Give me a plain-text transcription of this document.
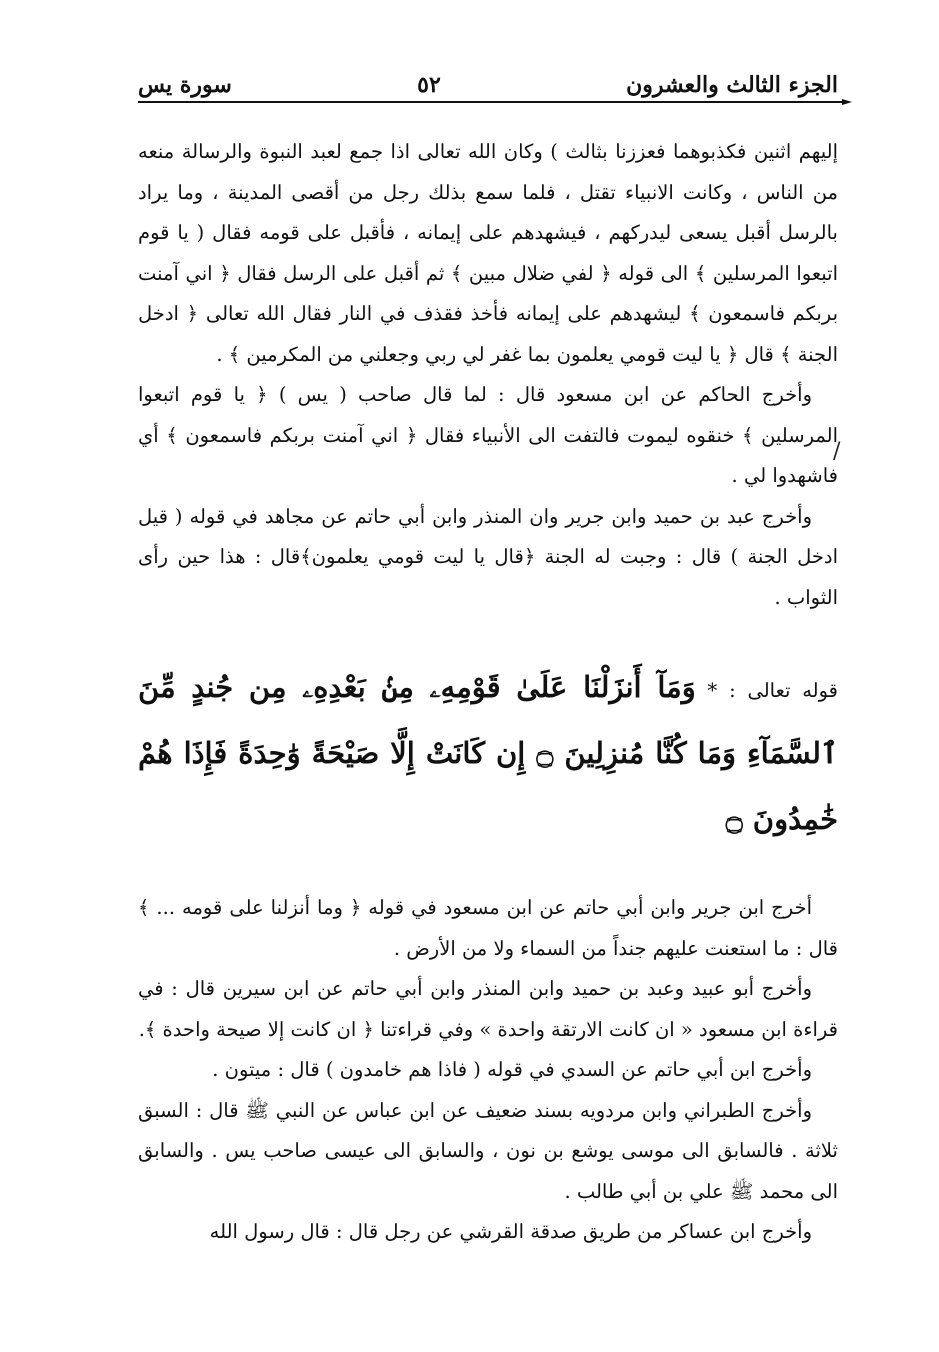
الجزء الثالث والعشرون
٥٢
سورة يس
/

إليهم اثنين فكذبوهما فعززنا بثالث ) وكان الله تعالى اذا جمع لعبد النبوة والرسالة منعه من الناس ، وكانت الانبياء تقتل ، فلما سمع بذلك رجل من أقصى المدينة ، وما يراد بالرسل أقبل يسعى ليدركهم ، فيشهدهم على إيمانه ، فأقبل على قومه فقال ( يا قوم اتبعوا المرسلين ﴾ الى قوله ﴿ لفي ضلال مبين ﴾ ثم أقبل على الرسل فقال ﴿ اني آمنت بربكم فاسمعون ﴾ ليشهدهم على إيمانه فأخذ فقذف في النار فقال الله تعالى ﴿ ادخل الجنة ﴾ قال ﴿ يا ليت قومي يعلمون بما غفر لي ربي وجعلني من المكرمين ﴾ .

وأخرج الحاكم عن ابن مسعود قال : لما قال صاحب ( يس ) ﴿ يا قوم اتبعوا المرسلين ﴾ خنقوه ليموت فالتفت الى الأنبياء فقال ﴿ اني آمنت بربكم فاسمعون ﴾ أي فاشهدوا لي .

وأخرج عبد بن حميد وابن جرير وان المنذر وابن أبي حاتم عن مجاهد في قوله ( قيل ادخل الجنة ) قال : وجبت له الجنة ﴿قال يا ليت قومي يعلمون﴾قال : هذا حين رأى الثواب .

قوله تعالى : * وَمَآ أَنزَلْنَا عَلَىٰ قَوْمِهِۦ مِنۢ بَعْدِهِۦ مِن جُندٍ مِّنَ ٱلسَّمَآءِ وَمَا كُنَّا مُنزِلِينَ ۝ إِن كَانَتْ إِلَّا صَيْحَةً وَٰحِدَةً فَإِذَا هُمْ خَٰمِدُونَ ۝

أخرج ابن جرير وابن أبي حاتم عن ابن مسعود في قوله ﴿ وما أنزلنا على قومه ... ﴾ قال : ما استعنت عليهم جنداً من السماء ولا من الأرض .

وأخرج أبو عبيد وعبد بن حميد وابن المنذر وابن أبي حاتم عن ابن سيرين قال : في قراءة ابن مسعود « ان كانت الارتقة واحدة » وفي قراءتنا ﴿ ان كانت إلا صيحة واحدة ﴾.

وأخرج ابن أبي حاتم عن السدي في قوله ( فاذا هم خامدون ) قال : ميتون .

وأخرج الطبراني وابن مردويه بسند ضعيف عن ابن عباس عن النبي ﷺ قال : السبق ثلاثة . فالسابق الى موسى يوشع بن نون ، والسابق الى عيسى صاحب يس . والسابق الى محمد ﷺ علي بن أبي طالب .

وأخرج ابن عساكر من طريق صدقة القرشي عن رجل قال : قال رسول الله
